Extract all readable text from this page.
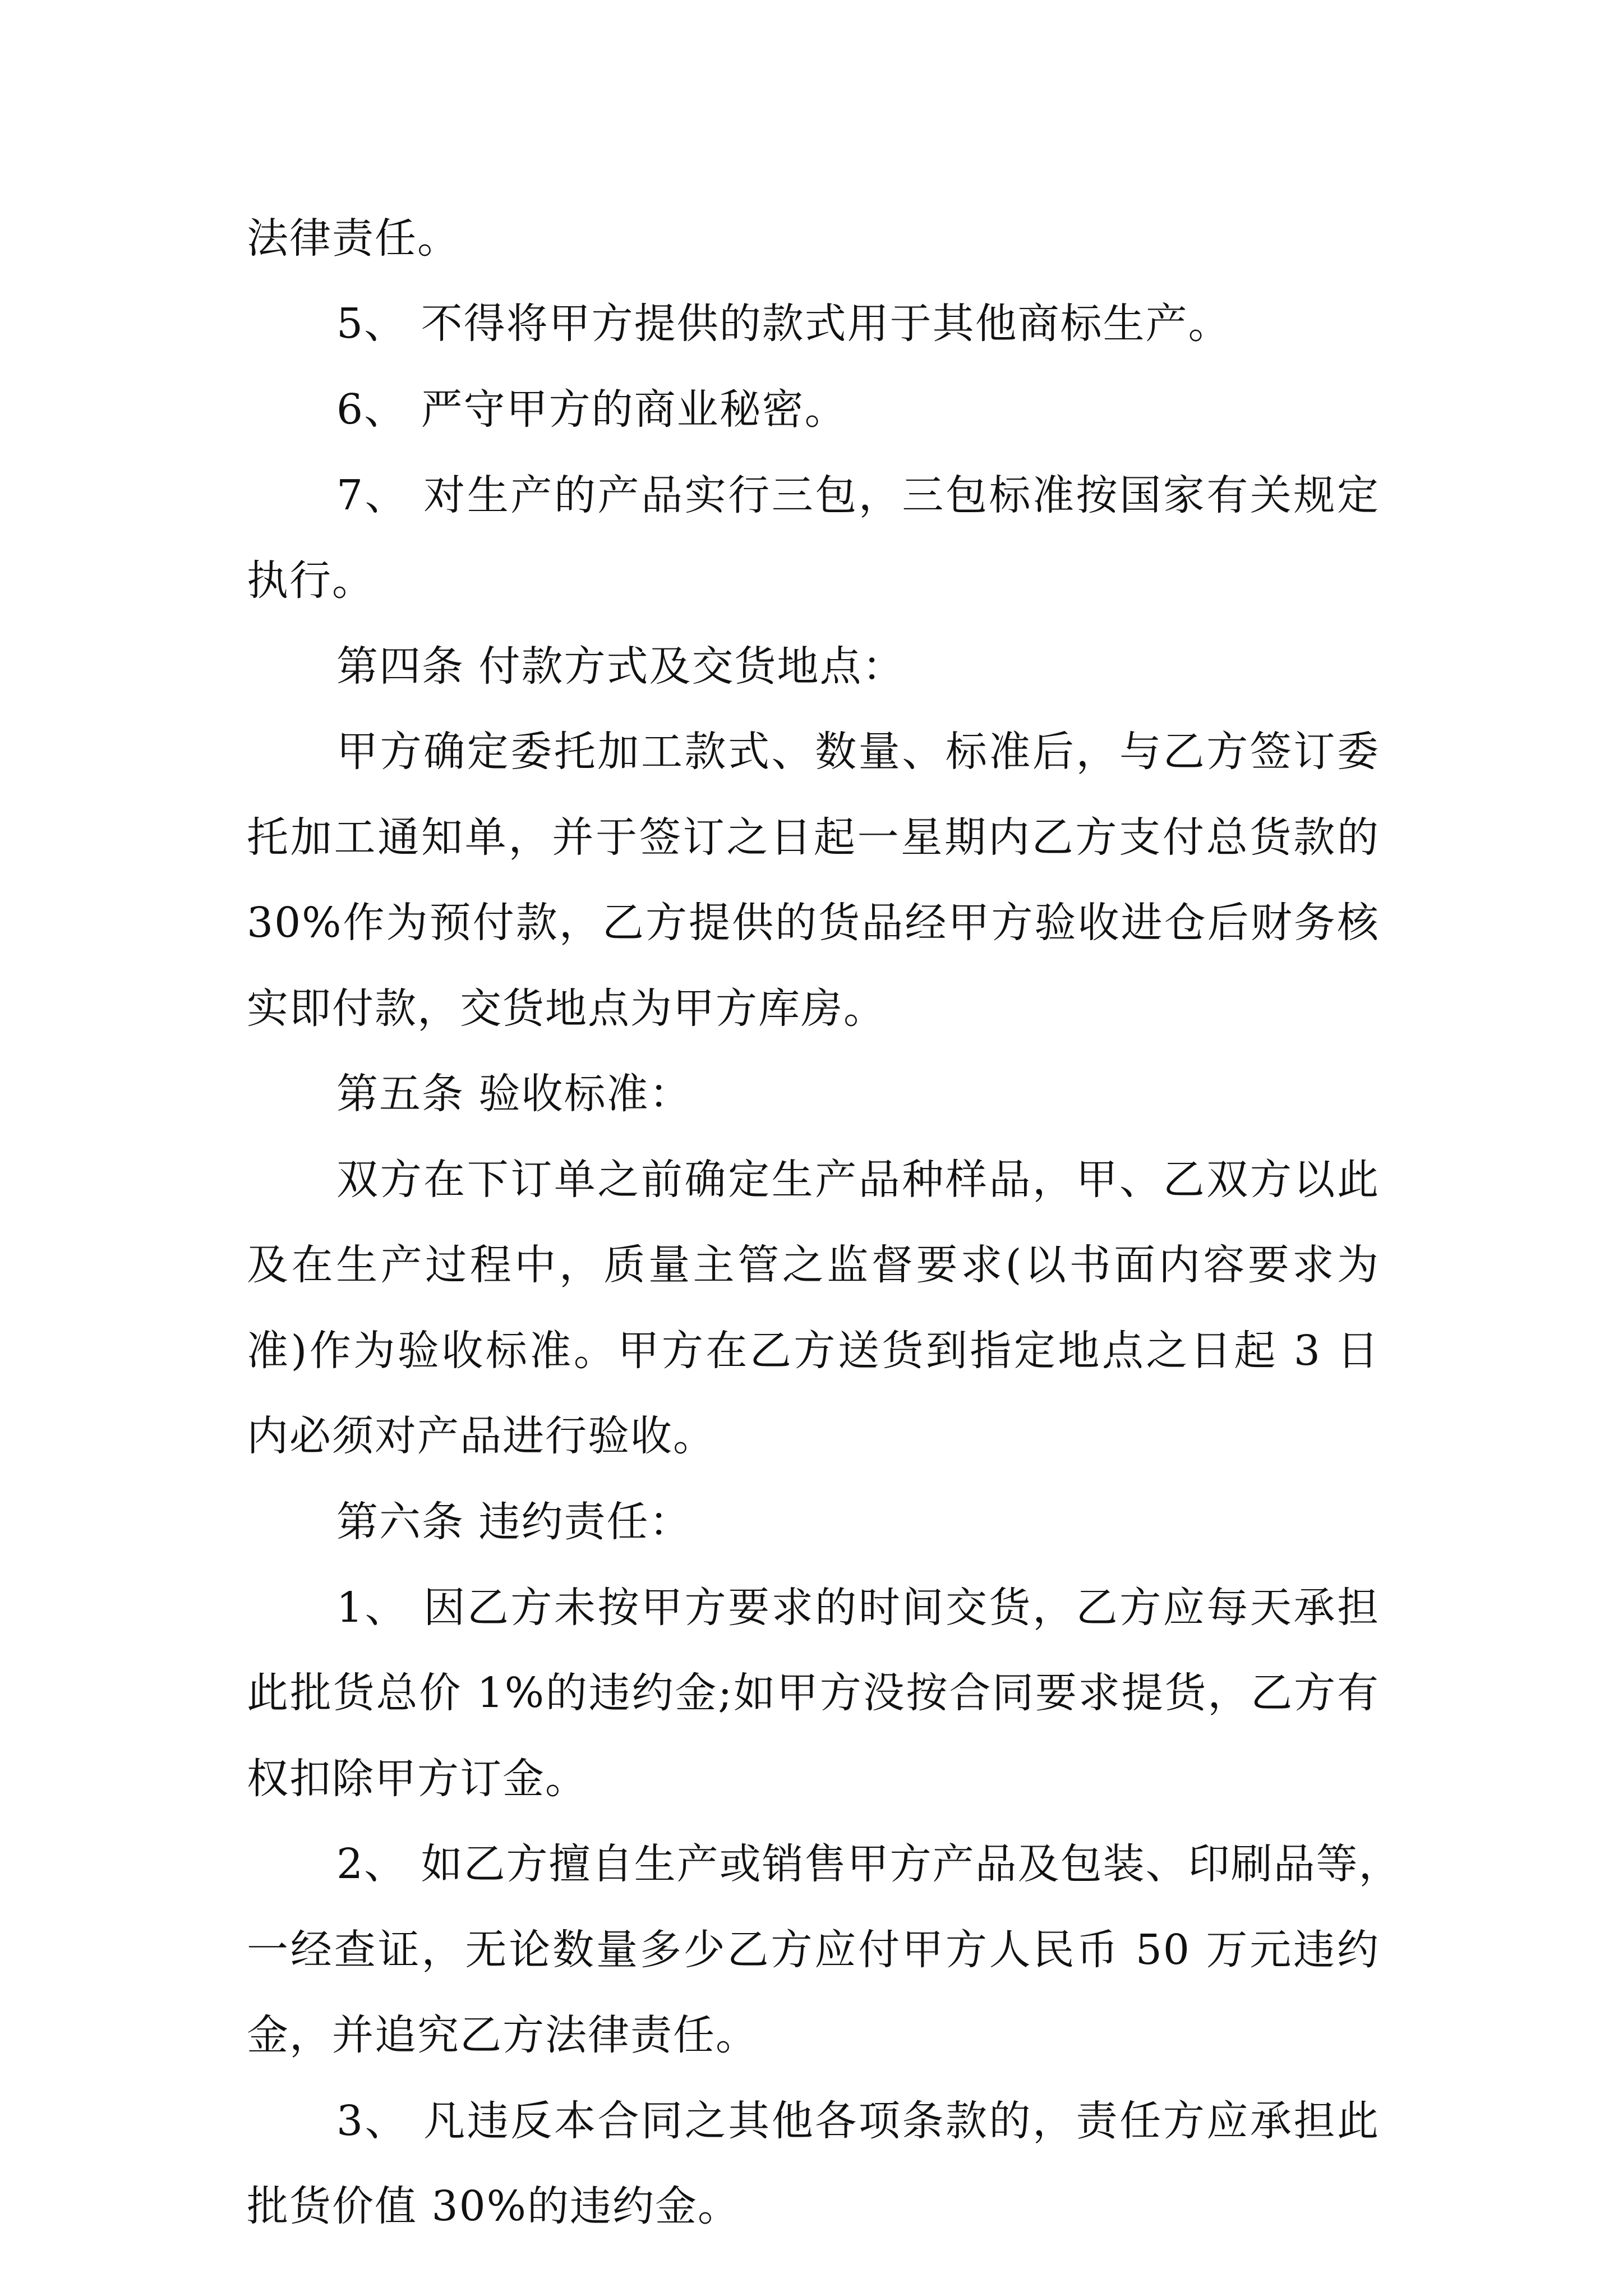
法律责任。
5、 不得将甲方提供的款式用于其他商标生产。
6、 严守甲方的商业秘密。
7、 对生产的产品实行三包，三包标准按国家有关规定
执行。
第四条 付款方式及交货地点：
甲方确定委托加工款式、数量、标准后，与乙方签订委
托加工通知单，并于签订之日起一星期内乙方支付总货款的
30%作为预付款，乙方提供的货品经甲方验收进仓后财务核
实即付款，交货地点为甲方库房。
第五条 验收标准：
双方在下订单之前确定生产品种样品，甲、乙双方以此
及在生产过程中，质量主管之监督要求(以书面内容要求为
准)作为验收标准。甲方在乙方送货到指定地点之日起 3 日
内必须对产品进行验收。
第六条 违约责任：
1、 因乙方未按甲方要求的时间交货，乙方应每天承担
此批货总价 1%的违约金;如甲方没按合同要求提货，乙方有
权扣除甲方订金。
2、 如乙方擅自生产或销售甲方产品及包装、印刷品等，
一经查证，无论数量多少乙方应付甲方人民币 50 万元违约
金，并追究乙方法律责任。
3、 凡违反本合同之其他各项条款的，责任方应承担此
批货价值 30%的违约金。
